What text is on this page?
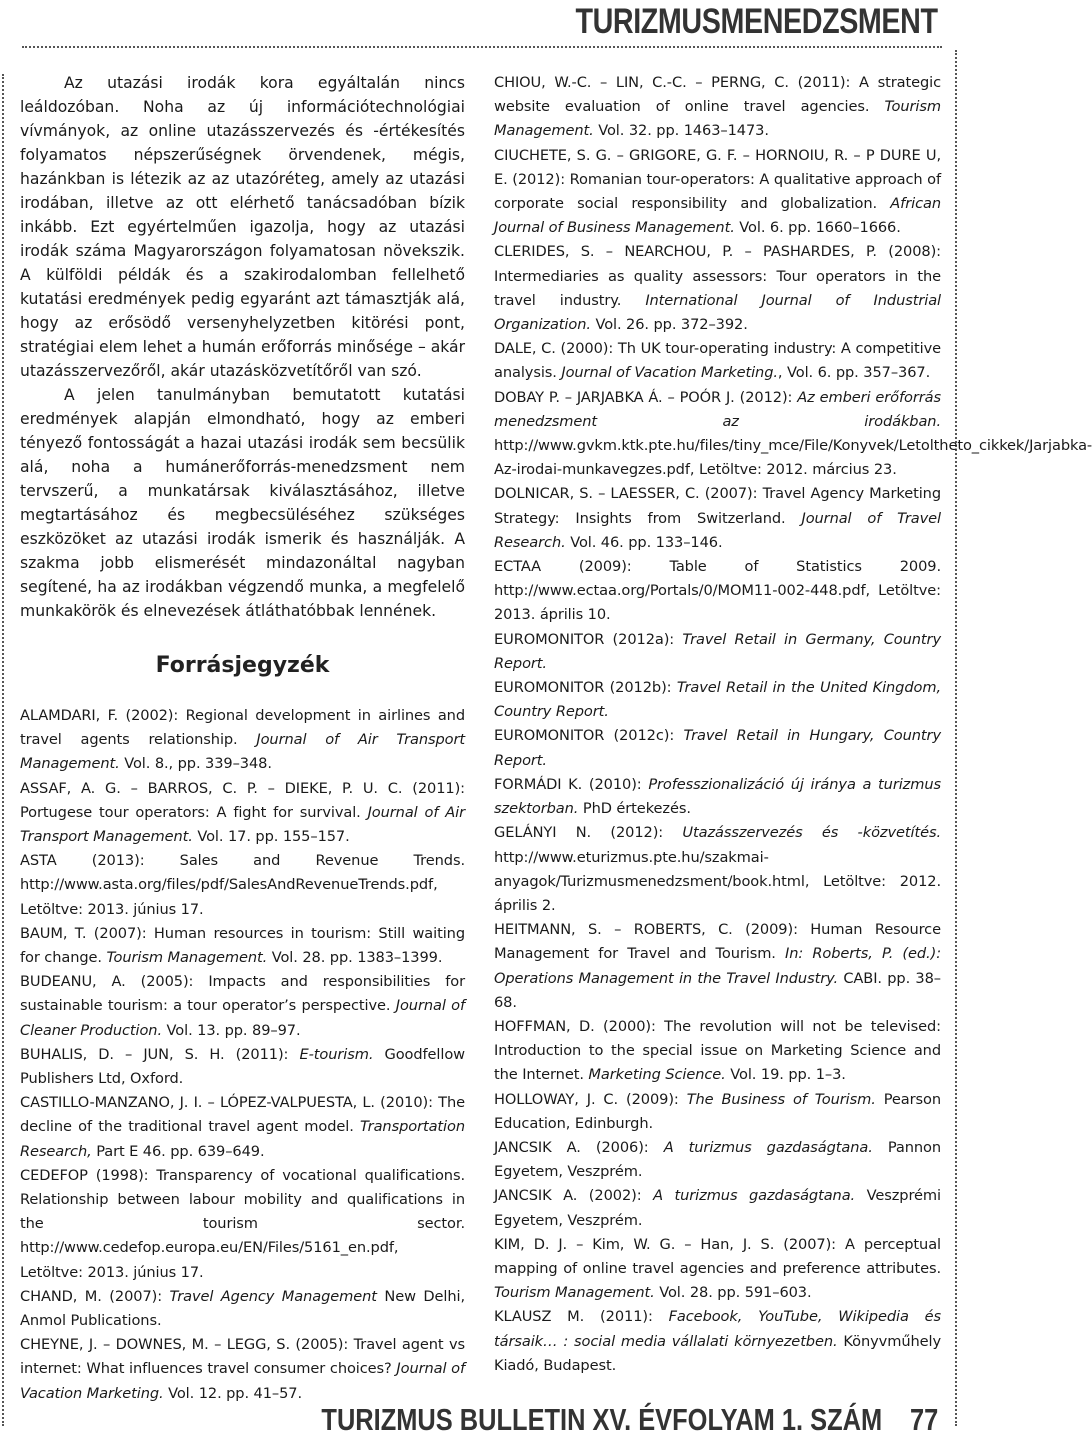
TURIZMUSMENEDZSMENT

Az utazási irodák kora egyáltalán nincs leáldozóban. Noha az új információtechnológiai vívmányok, az online utazásszervezés és -értékesítés folyamatos népszerűségnek örvendenek, mégis, hazánkban is létezik az az utazóréteg, amely az utazási irodában, illetve az ott elérhető tanácsadóban bízik inkább. Ezt egyértelműen igazolja, hogy az utazási irodák száma Magyarországon folyamatosan növekszik. A külföldi példák és a szakirodalomban fellelhető kutatási eredmények pedig egyaránt azt támasztják alá, hogy az erősödő versenyhelyzetben kitörési pont, stratégiai elem lehet a humán erőforrás minősége – akár utazásszervezőről, akár utazásközvetítőről van szó.

A jelen tanulmányban bemutatott kutatási eredmények alapján elmondható, hogy az emberi tényező fontosságát a hazai utazási irodák sem becsülik alá, noha a humánerőforrás-menedzsment nem tervszerű, a munkatársak kiválasztásához, illetve megtartásához és megbecsüléséhez szükséges eszközöket az utazási irodák ismerik és használják. A szakma jobb elismerését mindazonáltal nagyban segítené, ha az irodákban végzendő munka, a megfelelő munkakörök és elnevezések átláthatóbbak lennének.

Forrásjegyzék

ALAMDARI, F. (2002): Regional development in airlines and travel agents relationship. Journal of Air Transport Management. Vol. 8., pp. 339–348.

ASSAF, A. G. – BARROS, C. P. – DIEKE, P. U. C. (2011): Portugese tour operators: A fight for survival. Journal of Air Transport Management. Vol. 17. pp. 155–157.

ASTA (2013): Sales and Revenue Trends. http://www.asta.org/files/pdf/SalesAndRevenueTrends.pdf, Letöltve: 2013. június 17.

BAUM, T. (2007): Human resources in tourism: Still waiting for change. Tourism Management. Vol. 28. pp. 1383–1399.

BUDEANU, A. (2005): Impacts and responsibilities for sustainable tourism: a tour operator’s perspective. Journal of Cleaner Production. Vol. 13. pp. 89–97.

BUHALIS, D. – JUN, S. H. (2011): E-tourism. Goodfellow Publishers Ltd, Oxford.

CASTILLO-MANZANO, J. I. – LÓPEZ-VALPUESTA, L. (2010): The decline of the traditional travel agent model. Transportation Research, Part E 46. pp. 639–649.

CEDEFOP (1998): Transparency of vocational qualifications. Relationship between labour mobility and qualifications in the tourism sector. http://www.cedefop.europa.eu/EN/Files/5161_en.pdf, Letöltve: 2013. június 17.

CHAND, M. (2007): Travel Agency Management New Delhi, Anmol Publications.

CHEYNE, J. – DOWNES, M. – LEGG, S. (2005): Travel agent vs internet: What influences travel consumer choices? Journal of Vacation Marketing. Vol. 12. pp. 41–57.

CHIOU, W.-C. – LIN, C.-C. – PERNG, C. (2011): A strategic website evaluation of online travel agencies. Tourism Management. Vol. 32. pp. 1463–1473.

CIUCHETE, S. G. – GRIGORE, G. F. – HORNOIU, R. – P DURE U, E. (2012): Romanian tour-operators: A qualitative approach of corporate social responsibility and globalization. African Journal of Business Management. Vol. 6. pp. 1660–1666.

CLERIDES, S. – NEARCHOU, P. – PASHARDES, P. (2008): Intermediaries as quality assessors: Tour operators in the travel industry. International Journal of Industrial Organization. Vol. 26. pp. 372–392.

DALE, C. (2000): Th UK tour-operating industry: A competitive analysis. Journal of Vacation Marketing., Vol. 6. pp. 357–367.

DOBAY P. – JARJABKA Á. – POÓR J. (2012): Az emberi erőforrás menedzsment az irodákban. http://www.gvkm.ktk.pte.hu/files/tiny_mce/File/Konyvek/Letoltheto_cikkek/Jarjabka-Az-irodai-munkavegzes.pdf, Letöltve: 2012. március 23.

DOLNICAR, S. – LAESSER, C. (2007): Travel Agency Marketing Strategy: Insights from Switzerland. Journal of Travel Research. Vol. 46. pp. 133–146.

ECTAA (2009): Table of Statistics 2009. http://www.ectaa.org/Portals/0/MOM11-002-448.pdf, Letöltve: 2013. április 10.

EUROMONITOR (2012a): Travel Retail in Germany, Country Report.

EUROMONITOR (2012b): Travel Retail in the United Kingdom, Country Report.

EUROMONITOR (2012c): Travel Retail in Hungary, Country Report.

FORMÁDI K. (2010): Professzionalizáció új iránya a turizmus szektorban. PhD értekezés.

GELÁNYI N. (2012): Utazásszervezés és -közvetítés. http://www.eturizmus.pte.hu/szakmai-anyagok/Turizmusmenedzsment/book.html, Letöltve: 2012. április 2.

HEITMANN, S. – ROBERTS, C. (2009): Human Resource Management for Travel and Tourism. In: Roberts, P. (ed.): Operations Management in the Travel Industry. CABI. pp. 38–68.

HOFFMAN, D. (2000): The revolution will not be televised: Introduction to the special issue on Marketing Science and the Internet. Marketing Science. Vol. 19. pp. 1–3.

HOLLOWAY, J. C. (2009): The Business of Tourism. Pearson Education, Edinburgh.

JANCSIK A. (2006): A turizmus gazdaságtana. Pannon Egyetem, Veszprém.

JANCSIK A. (2002): A turizmus gazdaságtana. Veszprémi Egyetem, Veszprém.

KIM, D. J. – Kim, W. G. – Han, J. S. (2007): A perceptual mapping of online travel agencies and preference attributes. Tourism Management. Vol. 28. pp. 591–603.

KLAUSZ M. (2011): Facebook, YouTube, Wikipedia és társaik… : social media vállalati környezetben. Könyvműhely Kiadó, Budapest.

TURIZMUS BULLETIN XV. ÉVFOLYAM 1. SZÁM 77
